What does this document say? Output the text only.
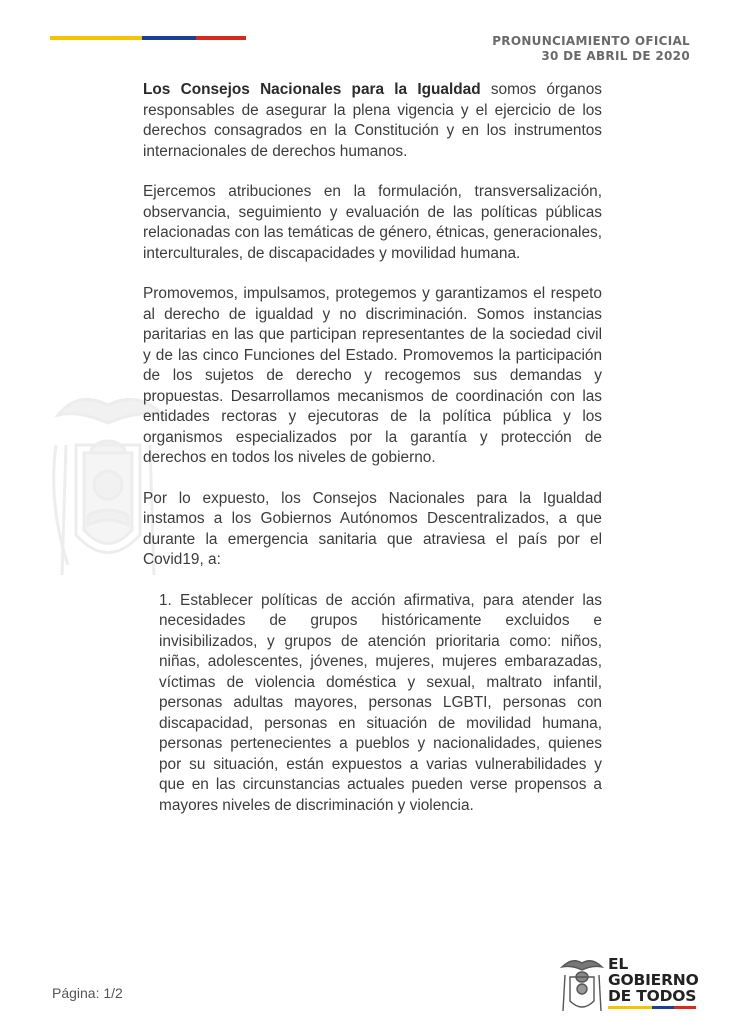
PRONUNCIAMIENTO OFICIAL
30 DE ABRIL DE 2020

Los Consejos Nacionales para la Igualdad somos órganos responsables de asegurar la plena vigencia y el ejercicio de los derechos consagrados en la Constitución y en los instrumentos internacionales de derechos humanos.

Ejercemos atribuciones en la formulación, transversalización, observancia, seguimiento y evaluación de las políticas públicas relacionadas con las temáticas de género, étnicas, generacionales, interculturales, de discapacidades y movilidad humana.

Promovemos, impulsamos, protegemos y garantizamos el respeto al derecho de igualdad y no discriminación. Somos instancias paritarias en las que participan representantes de la sociedad civil y de las cinco Funciones del Estado. Promovemos la participación de los sujetos de derecho y recogemos sus demandas y propuestas. Desarrollamos mecanismos de coordinación con las entidades rectoras y ejecutoras de la política pública y los organismos especializados por la garantía y protección de derechos en todos los niveles de gobierno.

Por lo expuesto, los Consejos Nacionales para la Igualdad instamos a los Gobiernos Autónomos Descentralizados, a que durante la emergencia sanitaria que atraviesa el país por el Covid19, a:

1. Establecer políticas de acción afirmativa, para atender las necesidades de grupos históricamente excluidos e invisibilizados, y grupos de atención prioritaria como: niños, niñas, adolescentes, jóvenes, mujeres, mujeres embarazadas, víctimas de violencia doméstica y sexual, maltrato infantil, personas adultas mayores, personas LGBTI, personas con discapacidad, personas en situación de movilidad humana, personas pertenecientes a pueblos y nacionalidades, quienes por su situación, están expuestos a varias vulnerabilidades y que en las circunstancias actuales pueden verse propensos a mayores niveles de discriminación y violencia.

Página: 1/2
EL
GOBIERNO
DE TODOS
